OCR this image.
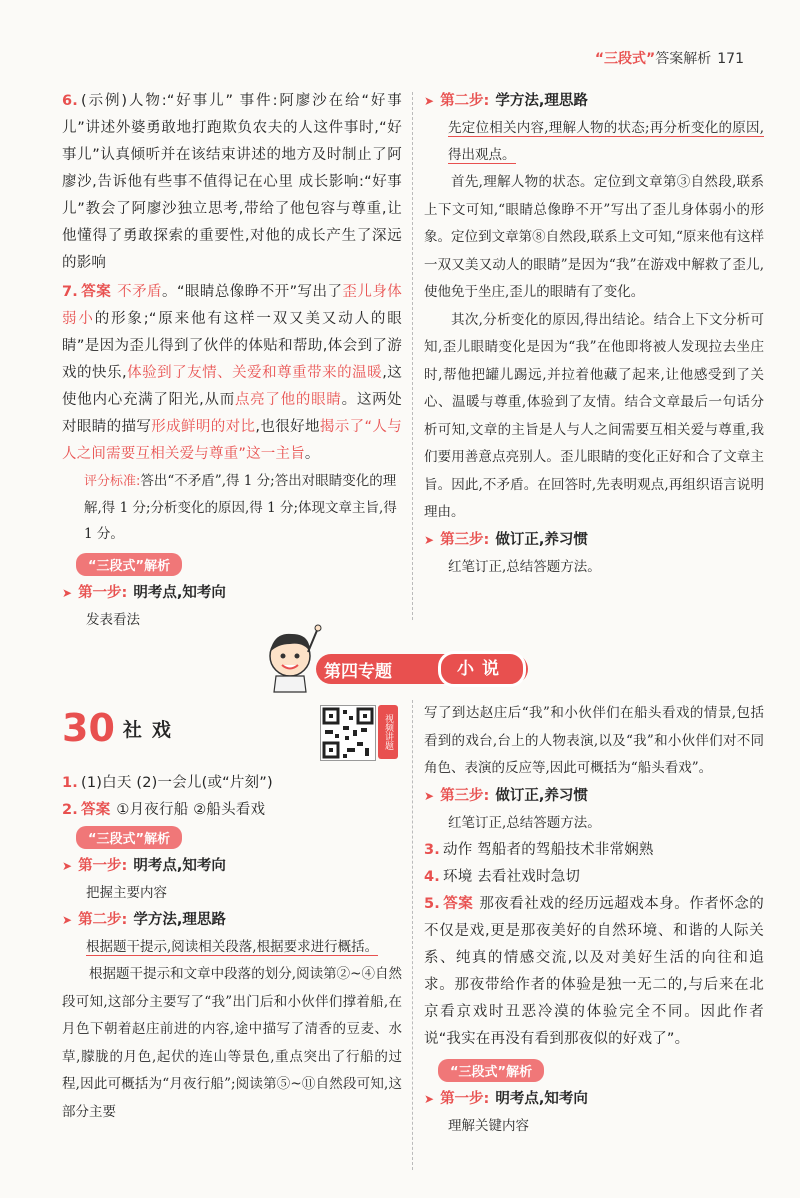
“三段式”答案解析 171

6. (示例)人物:“好事儿” 事件:阿廖沙在给“好事儿”讲述外婆勇敢地打跑欺负农夫的人这件事时,“好事儿”认真倾听并在该结束讲述的地方及时制止了阿廖沙,告诉他有些事不值得记在心里 成长影响:“好事儿”教会了阿廖沙独立思考,带给了他包容与尊重,让他懂得了勇敢探索的重要性,对他的成长产生了深远的影响

7. 答案 不矛盾。“眼睛总像睁不开”写出了歪儿身体弱小的形象;“原来他有这样一双又美又动人的眼睛”是因为歪儿得到了伙伴的体贴和帮助,体会到了游戏的快乐,体验到了友情、关爱和尊重带来的温暖,这使他内心充满了阳光,从而点亮了他的眼睛。这两处对眼睛的描写形成鲜明的对比,也很好地揭示了“人与人之间需要互相关爱与尊重”这一主旨。

评分标准:答出“不矛盾”,得 1 分;答出对眼睛变化的理解,得 1 分;分析变化的原因,得 1 分;体现文章主旨,得 1 分。

“三段式”解析
➤ 第一步: 明考点,知考向

发表看法

➤ 第二步: 学方法,理思路

先定位相关内容,理解人物的状态;再分析变化的原因,得出观点。

首先,理解人物的状态。定位到文章第③自然段,联系上下文可知,“眼睛总像睁不开”写出了歪儿身体弱小的形象。定位到文章第⑧自然段,联系上文可知,“原来他有这样一双又美又动人的眼睛”是因为“我”在游戏中解救了歪儿,使他免于坐庄,歪儿的眼睛有了变化。

其次,分析变化的原因,得出结论。结合上下文分析可知,歪儿眼睛变化是因为“我”在他即将被人发现拉去坐庄时,帮他把罐儿踢远,并拉着他藏了起来,让他感受到了关心、温暖与尊重,体验到了友情。结合文章最后一句话分析可知,文章的主旨是人与人之间需要互相关爱与尊重,我们要用善意点亮别人。歪儿眼睛的变化正好和合了文章主旨。因此,不矛盾。在回答时,先表明观点,再组织语言说明理由。

➤ 第三步: 做订正,养习惯

红笔订正,总结答题方法。

第四专题	小说
30 社戏	视频讲题

1. (1)白天 (2)一会儿(或“片刻”)

2. 答案 ①月夜行船 ②船头看戏

“三段式”解析
➤ 第一步: 明考点,知考向

把握主要内容

➤ 第二步: 学方法,理思路

根据题干提示,阅读相关段落,根据要求进行概括。

根据题干提示和文章中段落的划分,阅读第②~④自然段可知,这部分主要写了“我”出门后和小伙伴们撑着船,在月色下朝着赵庄前进的内容,途中描写了清香的豆麦、水草,朦胧的月色,起伏的连山等景色,重点突出了行船的过程,因此可概括为“月夜行船”;阅读第⑤~⑪自然段可知,这部分主要

写了到达赵庄后“我”和小伙伴们在船头看戏的情景,包括看到的戏台,台上的人物表演,以及“我”和小伙伴们对不同角色、表演的反应等,因此可概括为“船头看戏”。

➤ 第三步: 做订正,养习惯

红笔订正,总结答题方法。

3. 动作 驾船者的驾船技术非常娴熟

4. 环境 去看社戏时急切

5. 答案 那夜看社戏的经历远超戏本身。作者怀念的不仅是戏,更是那夜美好的自然环境、和谐的人际关系、纯真的情感交流,以及对美好生活的向往和追求。那夜带给作者的体验是独一无二的,与后来在北京看京戏时丑恶冷漠的体验完全不同。因此作者说“我实在再没有看到那夜似的好戏了”。

“三段式”解析
➤ 第一步: 明考点,知考向

理解关键内容
